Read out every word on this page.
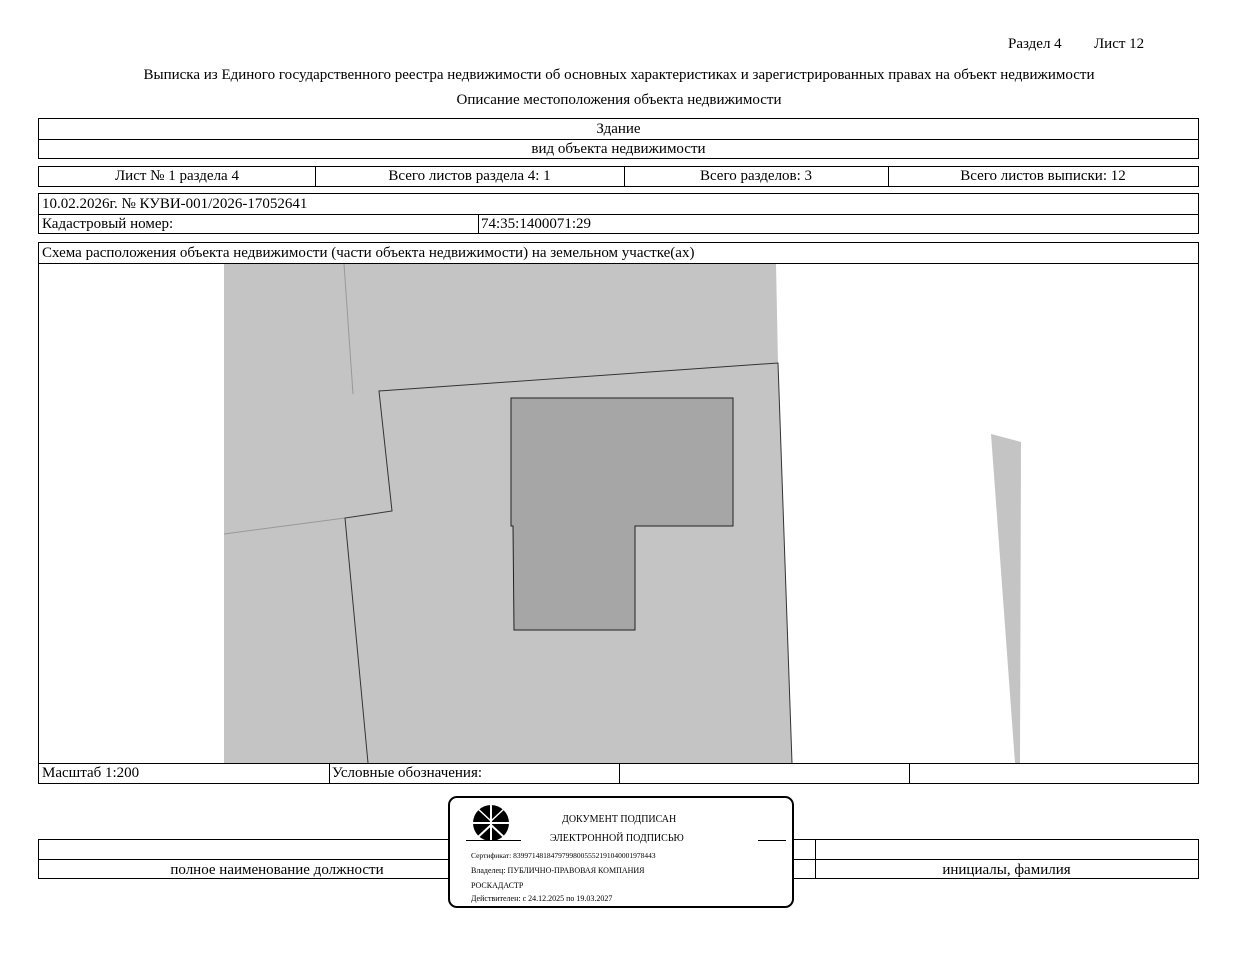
Раздел 4 Лист 12
Выписка из Единого государственного реестра недвижимости об основных характеристиках и зарегистрированных правах на объект недвижимости
Описание местоположения объекта недвижимости
Здание
вид объекта недвижимости
Лист № 1 раздела 4	Всего листов раздела 4: 1	Всего разделов: 3	Всего листов выписки: 12
10.02.2026г. № КУВИ-001/2026-17052641
Кадастровый номер:	74:35:1400071:29
Схема расположения объекта недвижимости (части объекта недвижимости) на земельном участке(ах)
Масштаб 1:200	Условные обозначения:
полное наименование должности	инициалы, фамилия
ДОКУМЕНТ ПОДПИСАН
ЭЛЕКТРОННОЙ ПОДПИСЬЮ
Сертификат: 8399714818479799800555219104000197844З
Владелец: ПУБЛИЧНО-ПРАВОВАЯ КОМПАНИЯ
РОСКАДАСТР
Действителен: с 24.12.2025 по 19.03.2027
